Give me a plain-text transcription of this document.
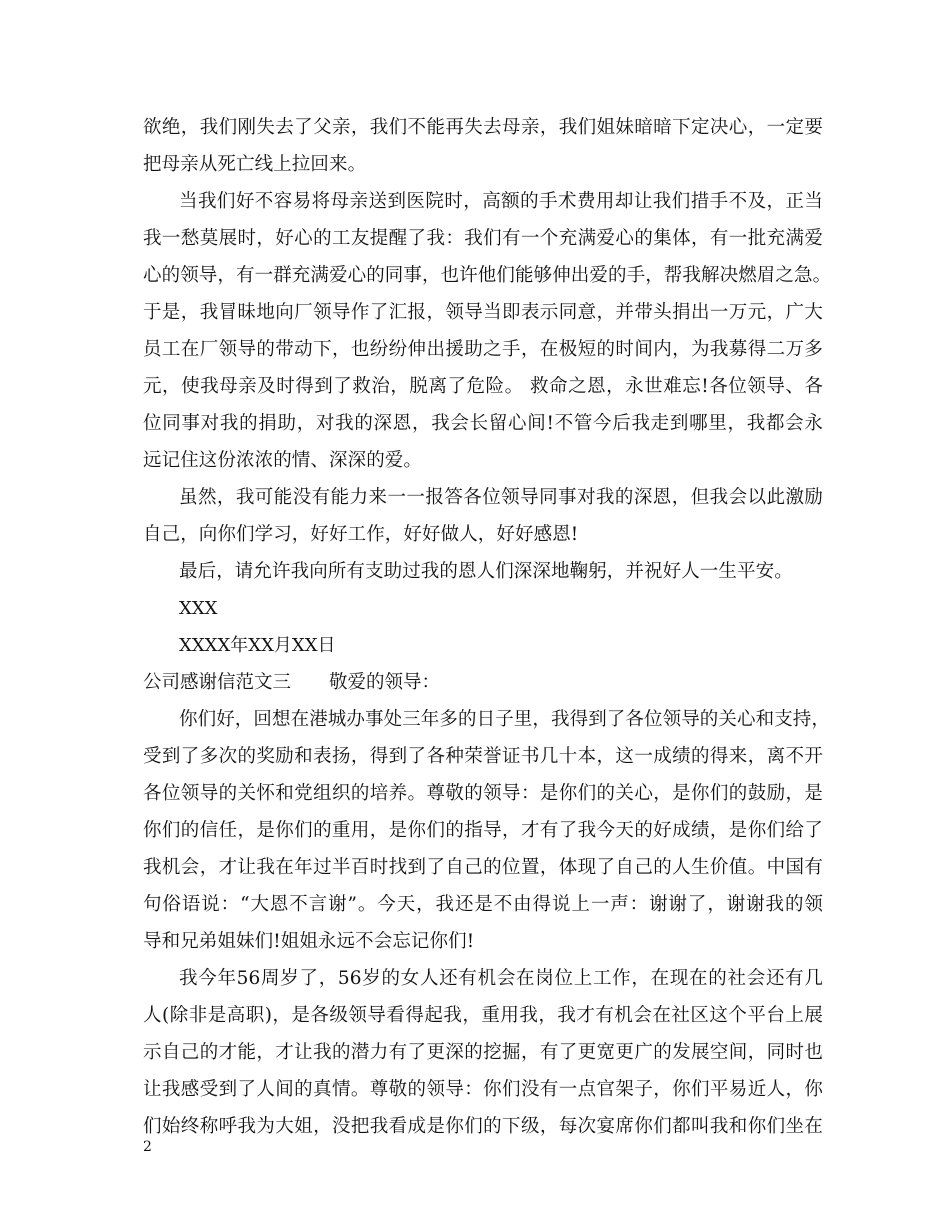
欲绝，我们刚失去了父亲，我们不能再失去母亲，我们姐妹暗暗下定决心，一定要
把母亲从死亡线上拉回来。
当我们好不容易将母亲送到医院时，高额的手术费用却让我们措手不及，正当
我一愁莫展时，好心的工友提醒了我：我们有一个充满爱心的集体，有一批充满爱
心的领导，有一群充满爱心的同事，也许他们能够伸出爱的手，帮我解决燃眉之急。
于是，我冒昧地向厂领导作了汇报，领导当即表示同意，并带头捐出一万元，广大
员工在厂领导的带动下，也纷纷伸出援助之手，在极短的时间内，为我募得二万多
元，使我母亲及时得到了救治，脱离了危险。 救命之恩，永世难忘!各位领导、各
位同事对我的捐助，对我的深恩，我会长留心间!不管今后我走到哪里，我都会永
远记住这份浓浓的情、深深的爱。
虽然，我可能没有能力来一一报答各位领导同事对我的深恩，但我会以此激励
自己，向你们学习，好好工作，好好做人，好好感恩!
最后，请允许我向所有支助过我的恩人们深深地鞠躬，并祝好人一生平安。
XXX
XXXX年XX月XX日
公司感谢信范文三 敬爱的领导：
你们好，回想在港城办事处三年多的日子里，我得到了各位领导的关心和支持，
受到了多次的奖励和表扬，得到了各种荣誉证书几十本，这一成绩的得来，离不开
各位领导的关怀和党组织的培养。尊敬的领导：是你们的关心，是你们的鼓励，是
你们的信任，是你们的重用，是你们的指导，才有了我今天的好成绩，是你们给了
我机会，才让我在年过半百时找到了自己的位置，体现了自己的人生价值。中国有
句俗语说：“大恩不言谢”。今天，我还是不由得说上一声：谢谢了，谢谢我的领
导和兄弟姐妹们!姐姐永远不会忘记你们!
我今年56周岁了，56岁的女人还有机会在岗位上工作，在现在的社会还有几
人(除非是高职)，是各级领导看得起我，重用我，我才有机会在社区这个平台上展
示自己的才能，才让我的潜力有了更深的挖掘，有了更宽更广的发展空间，同时也
让我感受到了人间的真情。尊敬的领导：你们没有一点官架子，你们平易近人，你
们始终称呼我为大姐，没把我看成是你们的下级，每次宴席你们都叫我和你们坐在
2
